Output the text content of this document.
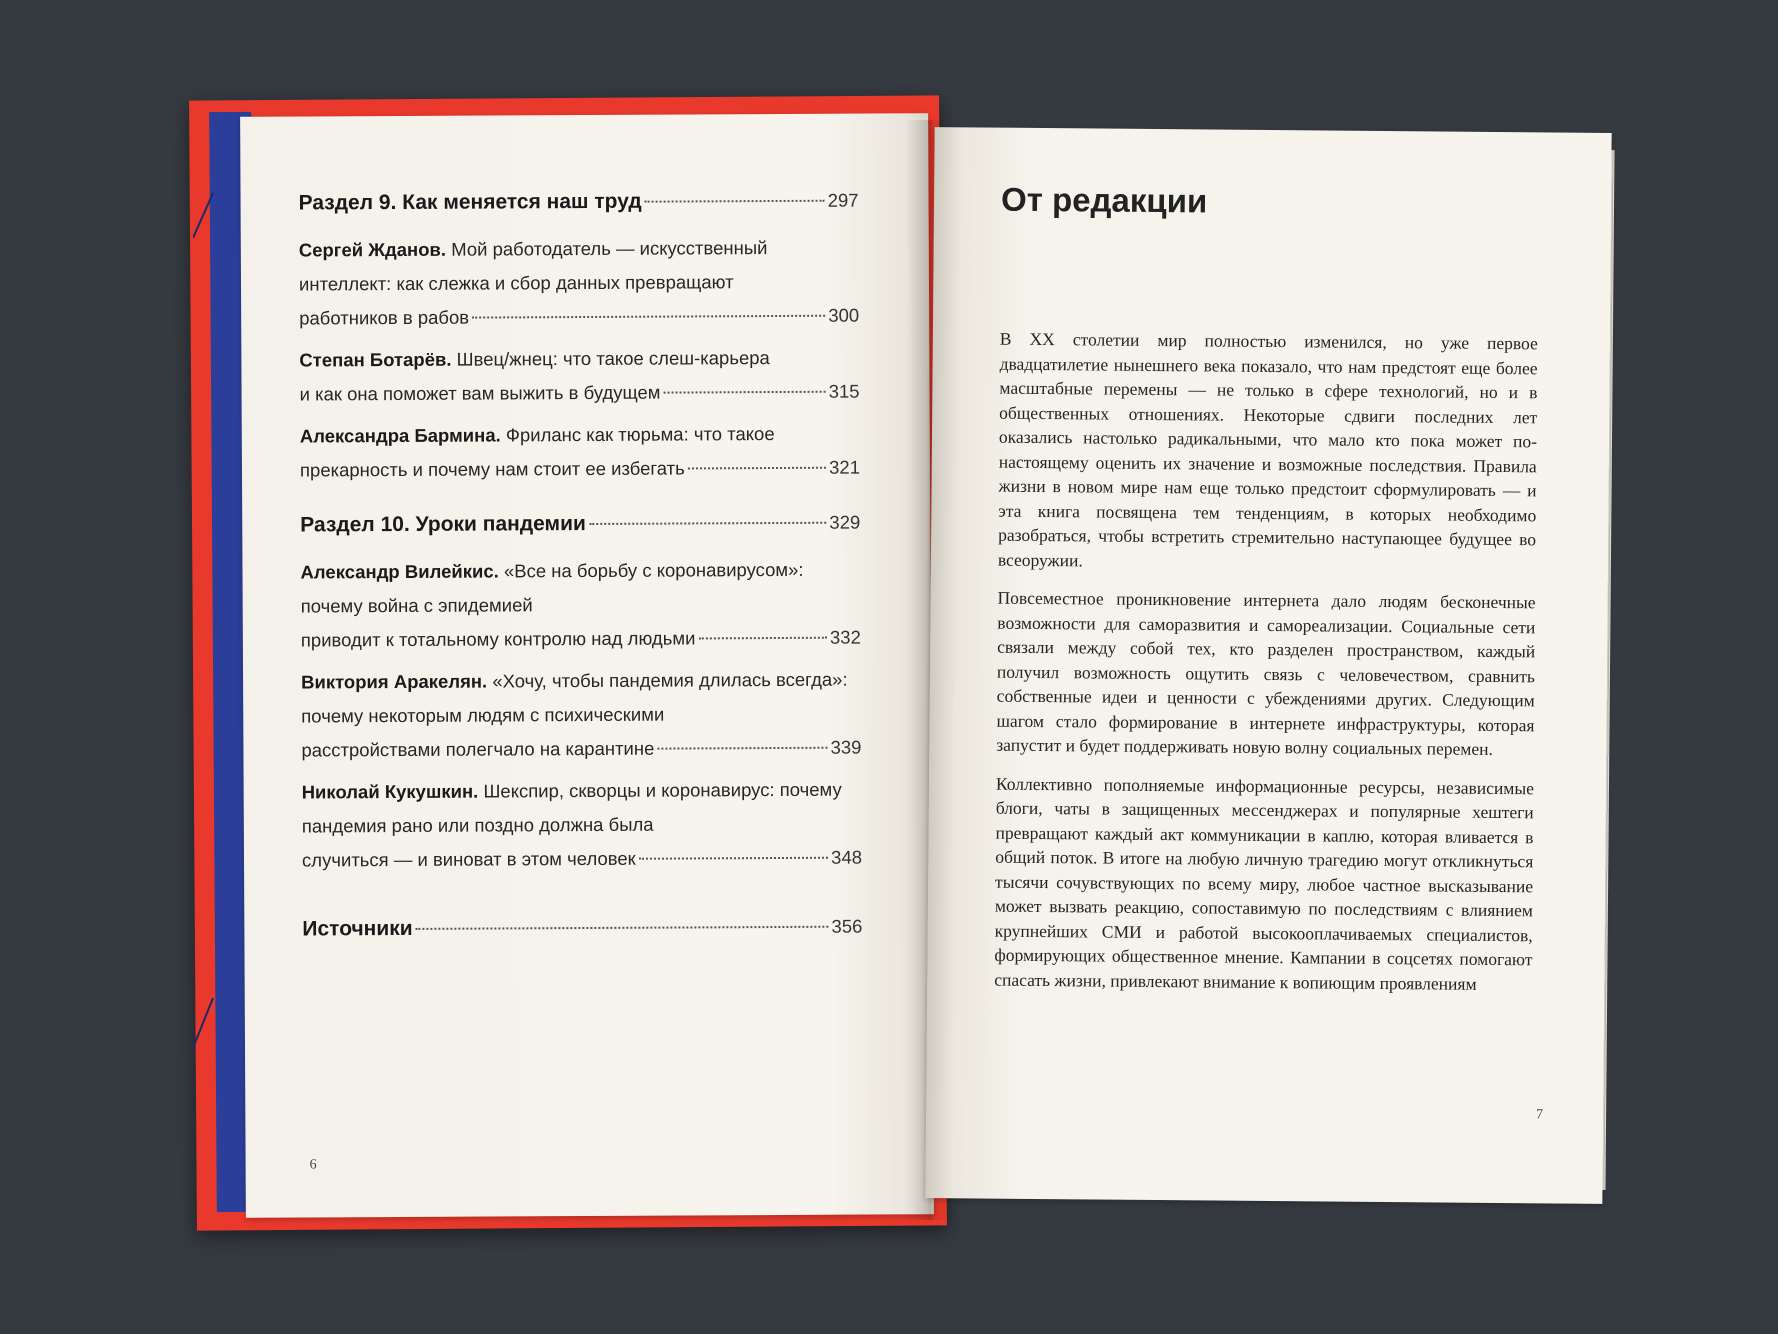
Раздел 9. Как меняется наш труд	297
Сергей Жданов. Мой работодатель — искусственный интеллект: как слежка и сбор данных превращают
работников в рабов	300
Степан Ботарёв. Швец/жнец: что такое слеш-карьера
и как она поможет вам выжить в будущем	315
Александра Бармина. Фриланс как тюрьма: что такое
прекарность и почему нам стоит ее избегать	321
Раздел 10. Уроки пандемии	329
Александр Вилейкис. «Все на борьбу с коронавирусом»: почему война с эпидемией
приводит к тотальному контролю над людьми	332
Виктория Аракелян. «Хочу, чтобы пандемия длилась всегда»: почему некоторым людям с психическими
расстройствами полегчало на карантине	339
Николай Кукушкин. Шекспир, скворцы и коронавирус: почему пандемия рано или поздно должна была
случиться — и виноват в этом человек	348
Источники	356
6
От редакции

В XX столетии мир полностью изменился, но уже первое двадцатилетие нынешнего века показало, что нам предстоят еще более масштабные перемены — не только в сфере технологий, но и в общественных отношениях. Некоторые сдвиги последних лет оказались настолько радикальными, что мало кто пока может по-настоящему оценить их значение и возможные последствия. Правила жизни в новом мире нам еще только предстоит сформулировать — и эта книга посвящена тем тенденциям, в которых необходимо разобраться, чтобы встретить стремительно наступающее будущее во всеоружии.

Повсеместное проникновение интернета дало людям бесконечные возможности для саморазвития и самореализации. Социальные сети связали между собой тех, кто разделен пространством, каждый получил возможность ощутить связь с человечеством, сравнить собственные идеи и ценности с убеждениями других. Следующим шагом стало формирование в интернете инфраструктуры, которая запустит и будет поддерживать новую волну социальных перемен.

Коллективно пополняемые информационные ресурсы, независимые блоги, чаты в защищенных мессенджерах и популярные хештеги превращают каждый акт коммуникации в каплю, которая вливается в общий поток. В итоге на любую личную трагедию могут откликнуться тысячи сочувствующих по всему миру, любое частное высказывание может вызвать реакцию, сопоставимую по последствиям с влиянием крупнейших СМИ и работой высокооплачиваемых специалистов, формирующих общественное мнение. Кампании в соцсетях помогают спасать жизни, привлекают внимание к вопиющим проявлениям

7
